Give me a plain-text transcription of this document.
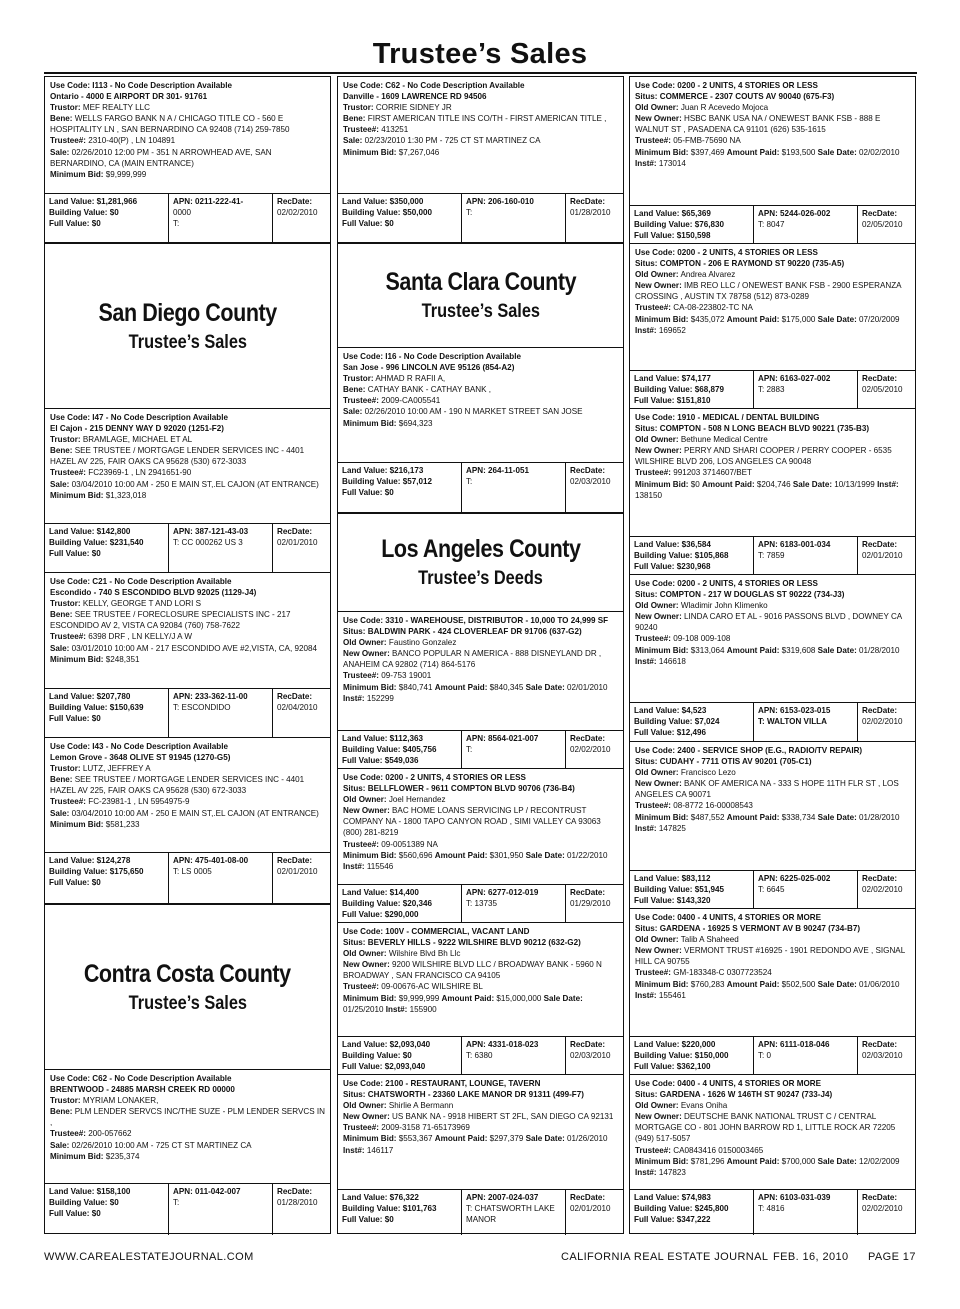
Trustee’s Sales
Use Code: I113 - No Code Description Available
Ontario - 4000 E AIRPORT DR 301- 91761
Trustor: MEF REALTY LLC
Bene: WELLS FARGO BANK N A / CHICAGO TITLE CO - 560 E HOSPITALITY LN , SAN BERNARDINO CA 92408 (714) 259-7850
Trustee#: 2310-40(P) , LN 104891
Sale: 02/26/2010 12:00 PM - 351 N ARROWHEAD AVE, SAN BERNARDINO, CA (MAIN ENTRANCE)
Minimum Bid: $9,999,999
Land Value: $1,281,966
Building Value: $0
Full Value: $0
APN: 0211-222-41-
0000
T:
RecDate:
02/02/2010
San Diego County
Trustee’s Sales
Use Code: I47 - No Code Description Available
El Cajon - 215 DENNY WAY D 92020 (1251-F2)
Trustor: BRAMLAGE, MICHAEL ET AL
Bene: SEE TRUSTEE / MORTGAGE LENDER SERVICES INC - 4401 HAZEL AV 225, FAIR OAKS CA 95628 (530) 672-3033
Trustee#: FC23969-1 , LN 2941651-90
Sale: 03/04/2010 10:00 AM - 250 E MAIN ST,.EL CAJON (AT ENTRANCE) Minimum Bid: $1,323,018
Land Value: $142,800
Building Value: $231,540
Full Value: $0
APN: 387-121-43-03
T: CC 000262 US 3
RecDate:
02/01/2010
Use Code: C21 - No Code Description Available
Escondido - 740 S ESCONDIDO BLVD 92025 (1129-J4)
Trustor: KELLY, GEORGE T AND LORI S
Bene: SEE TRUSTEE / FORECLOSURE SPECIALISTS INC - 217 ESCONDIDO AV 2, VISTA CA 92084 (760) 758-7622
Trustee#: 6398 DRF , LN KELLY/J A W
Sale: 03/01/2010 10:00 AM - 217 ESCONDIDO AVE #2,VISTA, CA, 92084 Minimum Bid: $248,351
Land Value: $207,780
Building Value: $150,639
Full Value: $0
APN: 233-362-11-00
T: ESCONDIDO
RecDate:
02/04/2010
Use Code: I43 - No Code Description Available
Lemon Grove - 3648 OLIVE ST 91945 (1270-G5)
Trustor: LUTZ, JEFFREY A
Bene: SEE TRUSTEE / MORTGAGE LENDER SERVICES INC - 4401 HAZEL AV 225, FAIR OAKS CA 95628 (530) 672-3033
Trustee#: FC-23981-1 , LN 5954975-9
Sale: 03/04/2010 10:00 AM - 250 E MAIN ST,.EL CAJON (AT ENTRANCE) Minimum Bid: $581,233
Land Value: $124,278
Building Value: $175,650
Full Value: $0
APN: 475-401-08-00
T: LS 0005
RecDate:
02/01/2010
Contra Costa County
Trustee’s Sales
Use Code: C62 - No Code Description Available
BRENTWOOD - 24885 MARSH CREEK RD 00000
Trustor: MYRIAM LONAKER,
Bene: PLM LENDER SERVCS INC/THE SUZE - PLM LENDER SERVCS IN ,
Trustee#: 200-057662
Sale: 02/26/2010 10:00 AM - 725 CT ST MARTINEZ CA
Minimum Bid: $235,374
Land Value: $158,100
Building Value: $0
Full Value: $0
APN: 011-042-007
T:
RecDate:
01/28/2010
Use Code: C62 - No Code Description Available
Danville - 1609 LAWRENCE RD 94506
Trustor: CORRIE SIDNEY JR
Bene: FIRST AMERICAN TITLE INS CO/TH - FIRST AMERICAN TITLE ,
Trustee#: 413251
Sale: 02/23/2010 1:30 PM - 725 CT ST MARTINEZ CA
Minimum Bid: $7,267,046
Land Value: $350,000
Building Value: $50,000
Full Value: $0
APN: 206-160-010
T:
RecDate:
01/28/2010
Santa Clara County
Trustee’s Sales
Use Code: I16 - No Code Description Available
San Jose - 996 LINCOLN AVE 95126 (854-A2)
Trustor: AHMAD R RAFII A,
Bene: CATHAY BANK - CATHAY BANK ,
Trustee#: 2009-CA005541
Sale: 02/26/2010 10:00 AM - 190 N MARKET STREET SAN JOSE
Minimum Bid: $694,323
Land Value: $216,173
Building Value: $57,012
Full Value: $0
APN: 264-11-051
T:
RecDate:
02/03/2010
Los Angeles County
Trustee’s Deeds
Use Code: 3310 - WAREHOUSE, DISTRIBUTOR - 10,000 TO 24,999 SF
Situs: BALDWIN PARK - 424 CLOVERLEAF DR 91706 (637-G2)
Old Owner: Faustino Gonzalez
New Owner: BANCO POPULAR N AMERICA - 888 DISNEYLAND DR , ANAHEIM CA 92802 (714) 864-5176
Trustee#: 09-753 19001
Minimum Bid: $840,741 Amount Paid: $840,345 Sale Date: 02/01/2010 Inst#: 152299
Land Value: $112,363
Building Value: $405,756
Full Value: $549,036
APN: 8564-021-007
T:
RecDate:
02/02/2010
Use Code: 0200 - 2 UNITS, 4 STORIES OR LESS
Situs: BELLFLOWER - 9611 COMPTON BLVD 90706 (736-B4)
Old Owner: Joel Hernandez
New Owner: BAC HOME LOANS SERVICING LP / RECONTRUST COMPANY NA - 1800 TAPO CANYON ROAD , SIMI VALLEY CA 93063 (800) 281-8219
Trustee#: 09-0051389 NA
Minimum Bid: $560,696 Amount Paid: $301,950 Sale Date: 01/22/2010 Inst#: 115546
Land Value: $14,400
Building Value: $20,346
Full Value: $290,000
APN: 6277-012-019
T: 13735
RecDate:
01/29/2010
Use Code: 100V - COMMERCIAL, VACANT LAND
Situs: BEVERLY HILLS - 9222 WILSHIRE BLVD 90212 (632-G2)
Old Owner: Wilshire Blvd Bh Llc
New Owner: 9200 WILSHIRE BLVD LLC / BROADWAY BANK - 5960 N BROADWAY , SAN FRANCISCO CA 94105
Trustee#: 09-00676-AC WILSHIRE BL
Minimum Bid: $9,999,999 Amount Paid: $15,000,000 Sale Date: 01/25/2010 Inst#: 155900
Land Value: $2,093,040
Building Value: $0
Full Value: $2,093,040
APN: 4331-018-023
T: 6380
RecDate:
02/03/2010
Use Code: 2100 - RESTAURANT, LOUNGE, TAVERN
Situs: CHATSWORTH - 23360 LAKE MANOR DR 91311 (499-F7)
Old Owner: Shirlie A Bermann
New Owner: US BANK NA - 9918 HIBERT ST 2FL, SAN DIEGO CA 92131
Trustee#: 2009-3158 71-65173969
Minimum Bid: $553,367 Amount Paid: $297,379 Sale Date: 01/26/2010 Inst#: 146117
Land Value: $76,322
Building Value: $101,763
Full Value: $0
APN: 2007-024-037
T: CHATSWORTH LAKE
MANOR
RecDate:
02/01/2010
Use Code: 0200 - 2 UNITS, 4 STORIES OR LESS
Situs: COMMERCE - 2307 COUTS AV 90040 (675-F3)
Old Owner: Juan R Acevedo Mojoca
New Owner: HSBC BANK USA NA / ONEWEST BANK FSB - 888 E WALNUT ST , PASADENA CA 91101 (626) 535-1615
Trustee#: 05-FMB-75690 NA
Minimum Bid: $397,469 Amount Paid: $193,500 Sale Date: 02/02/2010 Inst#: 173014
Land Value: $65,369
Building Value: $76,830
Full Value: $150,598
APN: 5244-026-002
T: 8047
RecDate:
02/05/2010
Use Code: 0200 - 2 UNITS, 4 STORIES OR LESS
Situs: COMPTON - 206 E RAYMOND ST 90220 (735-A5)
Old Owner: Andrea Alvarez
New Owner: IMB REO LLC / ONEWEST BANK FSB - 2900 ESPERANZA CROSSING , AUSTIN TX 78758 (512) 873-0289
Trustee#: CA-08-223802-TC NA
Minimum Bid: $435,072 Amount Paid: $175,000 Sale Date: 07/20/2009 Inst#: 169652
Land Value: $74,177
Building Value: $68,879
Full Value: $151,810
APN: 6163-027-002
T: 2883
RecDate:
02/05/2010
Use Code: 1910 - MEDICAL / DENTAL BUILDING
Situs: COMPTON - 508 N LONG BEACH BLVD 90221 (735-B3)
Old Owner: Bethune Medical Centre
New Owner: PERRY AND SHARI COOPER / PERRY COOPER - 6535 WILSHIRE BLVD 206, LOS ANGELES CA 90048
Trustee#: 991203 3714607/BET
Minimum Bid: $0 Amount Paid: $204,746 Sale Date: 10/13/1999 Inst#: 138150
Land Value: $36,584
Building Value: $105,868
Full Value: $230,968
APN: 6183-001-034
T: 7859
RecDate:
02/01/2010
Use Code: 0200 - 2 UNITS, 4 STORIES OR LESS
Situs: COMPTON - 217 W DOUGLAS ST 90222 (734-J3)
Old Owner: Wladimir John Klimenko
New Owner: LINDA CARO ET AL - 9016 PASSONS BLVD , DOWNEY CA 90240
Trustee#: 09-108 009-108
Minimum Bid: $313,064 Amount Paid: $319,608 Sale Date: 01/28/2010 Inst#: 146618
Land Value: $4,523
Building Value: $7,024
Full Value: $12,496
APN: 6153-023-015
T: WALTON VILLA
RecDate:
02/02/2010
Use Code: 2400 - SERVICE SHOP (E.G., RADIO/TV REPAIR)
Situs: CUDAHY - 7711 OTIS AV 90201 (705-C1)
Old Owner: Francisco Lezo
New Owner: BANK OF AMERICA NA - 333 S HOPE 11TH FLR ST , LOS ANGELES CA 90071
Trustee#: 08-8772 16-00008543
Minimum Bid: $487,552 Amount Paid: $338,734 Sale Date: 01/28/2010 Inst#: 147825
Land Value: $83,112
Building Value: $51,945
Full Value: $143,320
APN: 6225-025-002
T: 6645
RecDate:
02/02/2010
Use Code: 0400 - 4 UNITS, 4 STORIES OR MORE
Situs: GARDENA - 16925 S VERMONT AV B 90247 (734-B7)
Old Owner: Talib A Shaheed
New Owner: VERMONT TRUST #16925 - 1901 REDONDO AVE , SIGNAL HILL CA 90755
Trustee#: GM-183348-C 0307723524
Minimum Bid: $760,283 Amount Paid: $502,500 Sale Date: 01/06/2010 Inst#: 155461
Land Value: $220,000
Building Value: $150,000
Full Value: $362,100
APN: 6111-018-046
T: 0
RecDate:
02/03/2010
Use Code: 0400 - 4 UNITS, 4 STORIES OR MORE
Situs: GARDENA - 1626 W 146TH ST 90247 (733-J4)
Old Owner: Evans Oniha
New Owner: DEUTSCHE BANK NATIONAL TRUST C / CENTRAL MORTGAGE CO - 801 JOHN BARROW RD 1, LITTLE ROCK AR 72205 (949) 517-5057
Trustee#: CA0843416 0150003465
Minimum Bid: $781,296 Amount Paid: $700,000 Sale Date: 12/02/2009 Inst#: 147823
Land Value: $74,983
Building Value: $245,800
Full Value: $347,222
APN: 6103-031-039
T: 4816
RecDate:
02/02/2010
WWW.CAREALESTATEJOURNAL.COM	CALIFORNIA REAL ESTATE JOURNAL FEB. 16, 2010 PAGE 17
